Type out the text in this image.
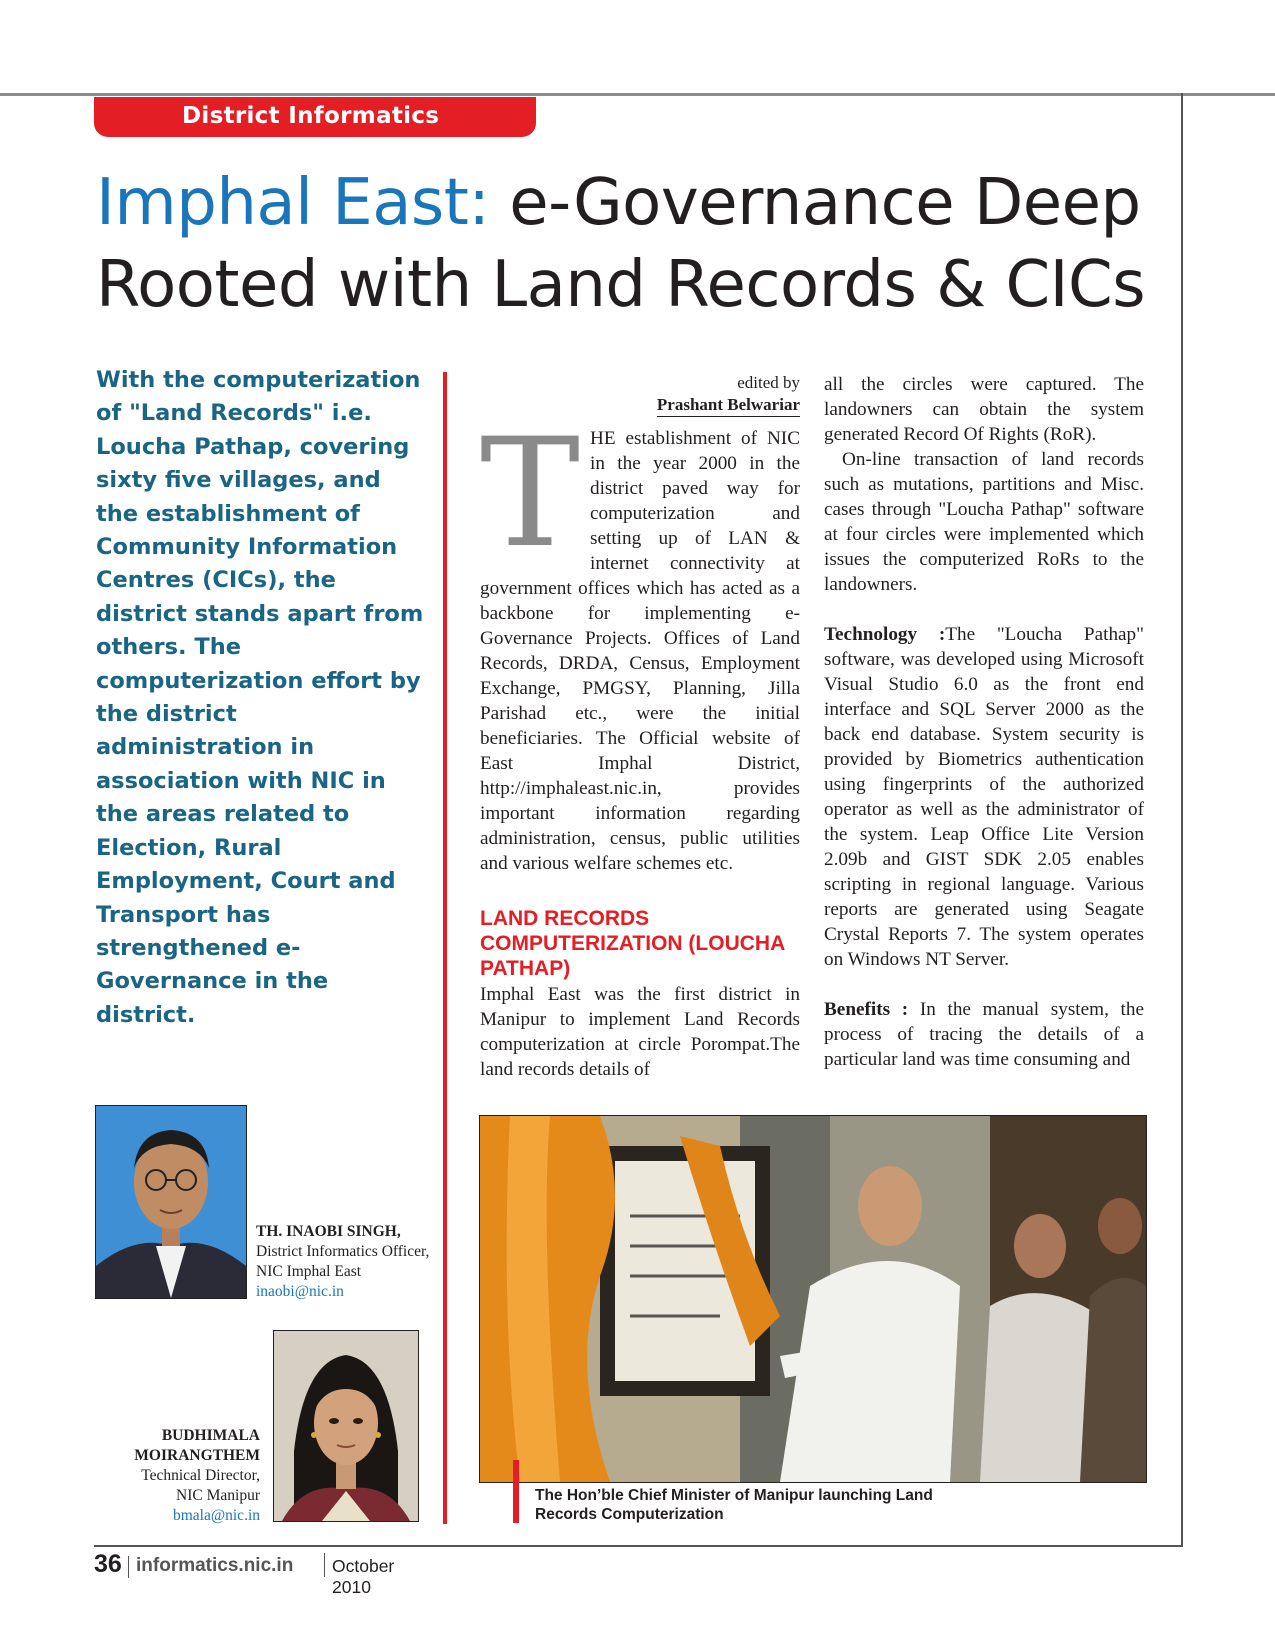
District Informatics
Imphal East: e-Governance Deep
Rooted with Land Records & CICs
With the computerization of "Land Records" i.e. Loucha Pathap, covering sixty five villages, and the establishment of Community Information Centres (CICs), the district stands apart from others. The computerization effort by the district administration in association with NIC in the areas related to Election, Rural Employment, Court and Transport has strengthened e-Governance in the district.
edited by
Prashant Belwariar
T HE establishment of NIC in the year 2000 in the district paved way for computerization and setting up of LAN & internet connectivity at government offices which has acted as a backbone for implementing e-Governance Projects. Offices of Land Records, DRDA, Census, Employment Exchange, PMGSY, Planning, Jilla Parishad etc., were the initial beneficiaries. The Official website of East Imphal District, http://imphaleast.nic.in, provides important information regarding administration, census, public utilities and various welfare schemes etc.

LAND RECORDS COMPUTERIZATION (LOUCHA PATHAP)

Imphal East was the first district in Manipur to implement Land Records computerization at circle Porompat.The land records details of

all the circles were captured. The landowners can obtain the system generated Record Of Rights (RoR).

On-line transaction of land records such as mutations, partitions and Misc. cases through "Loucha Pathap" software at four circles were implemented which issues the computerized RoRs to the landowners.

Technology :The "Loucha Pathap" software, was developed using Microsoft Visual Studio 6.0 as the front end interface and SQL Server 2000 as the back end database. System security is provided by Biometrics authentication using fingerprints of the authorized operator as well as the administrator of the system. Leap Office Lite Version 2.09b and GIST SDK 2.05 enables scripting in regional language. Various reports are generated using Seagate Crystal Reports 7. The system operates on Windows NT Server.

Benefits : In the manual system, the process of tracing the details of a particular land was time consuming and

TH. INAOBI SINGH,
District Informatics Officer, NIC Imphal East
inaobi@nic.in
BUDHIMALA MOIRANGTHEM
Technical Director, NIC Manipur
bmala@nic.in
The Hon’ble Chief Minister of Manipur launching Land Records Computerization
36 informatics.nic.in October 2010
